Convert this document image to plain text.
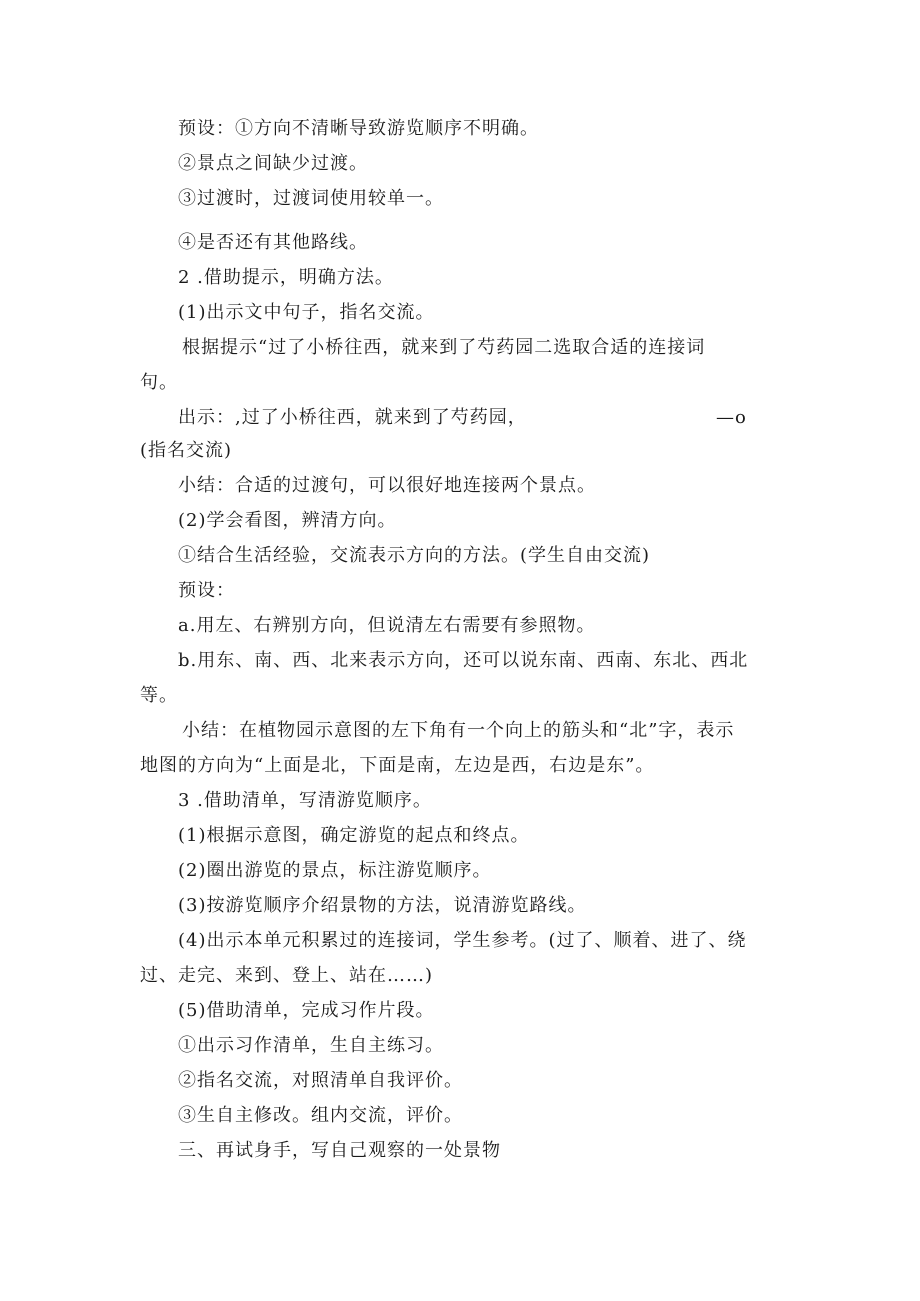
预设：①方向不清晰导致游览顺序不明确。
②景点之间缺少过渡。
③过渡时，过渡词使用较单一。
④是否还有其他路线。
2 .借助提示，明确方法。
(1)出示文中句子，指名交流。
根据提示“过了小桥往西，就来到了芍药园二选取合适的连接词
句。
出示：,过了小桥往西，就来到了芍药园，	—o
(指名交流)
小结：合适的过渡句，可以很好地连接两个景点。
(2)学会看图，辨清方向。
①结合生活经验，交流表示方向的方法。(学生自由交流)
预设：
a.用左、右辨别方向，但说清左右需要有参照物。
b.用东、南、西、北来表示方向，还可以说东南、西南、东北、西北
等。
小结：在植物园示意图的左下角有一个向上的筋头和“北”字，表示
地图的方向为“上面是北，下面是南，左边是西，右边是东”。
3 .借助清单，写清游览顺序。
(1)根据示意图，确定游览的起点和终点。
(2)圈出游览的景点，标注游览顺序。
(3)按游览顺序介绍景物的方法，说清游览路线。
(4)出示本单元积累过的连接词，学生参考。(过了、顺着、进了、绕
过、走完、来到、登上、站在……)
(5)借助清单，完成习作片段。
①出示习作清单，生自主练习。
②指名交流，对照清单自我评价。
③生自主修改。组内交流，评价。
三、再试身手，写自己观察的一处景物
